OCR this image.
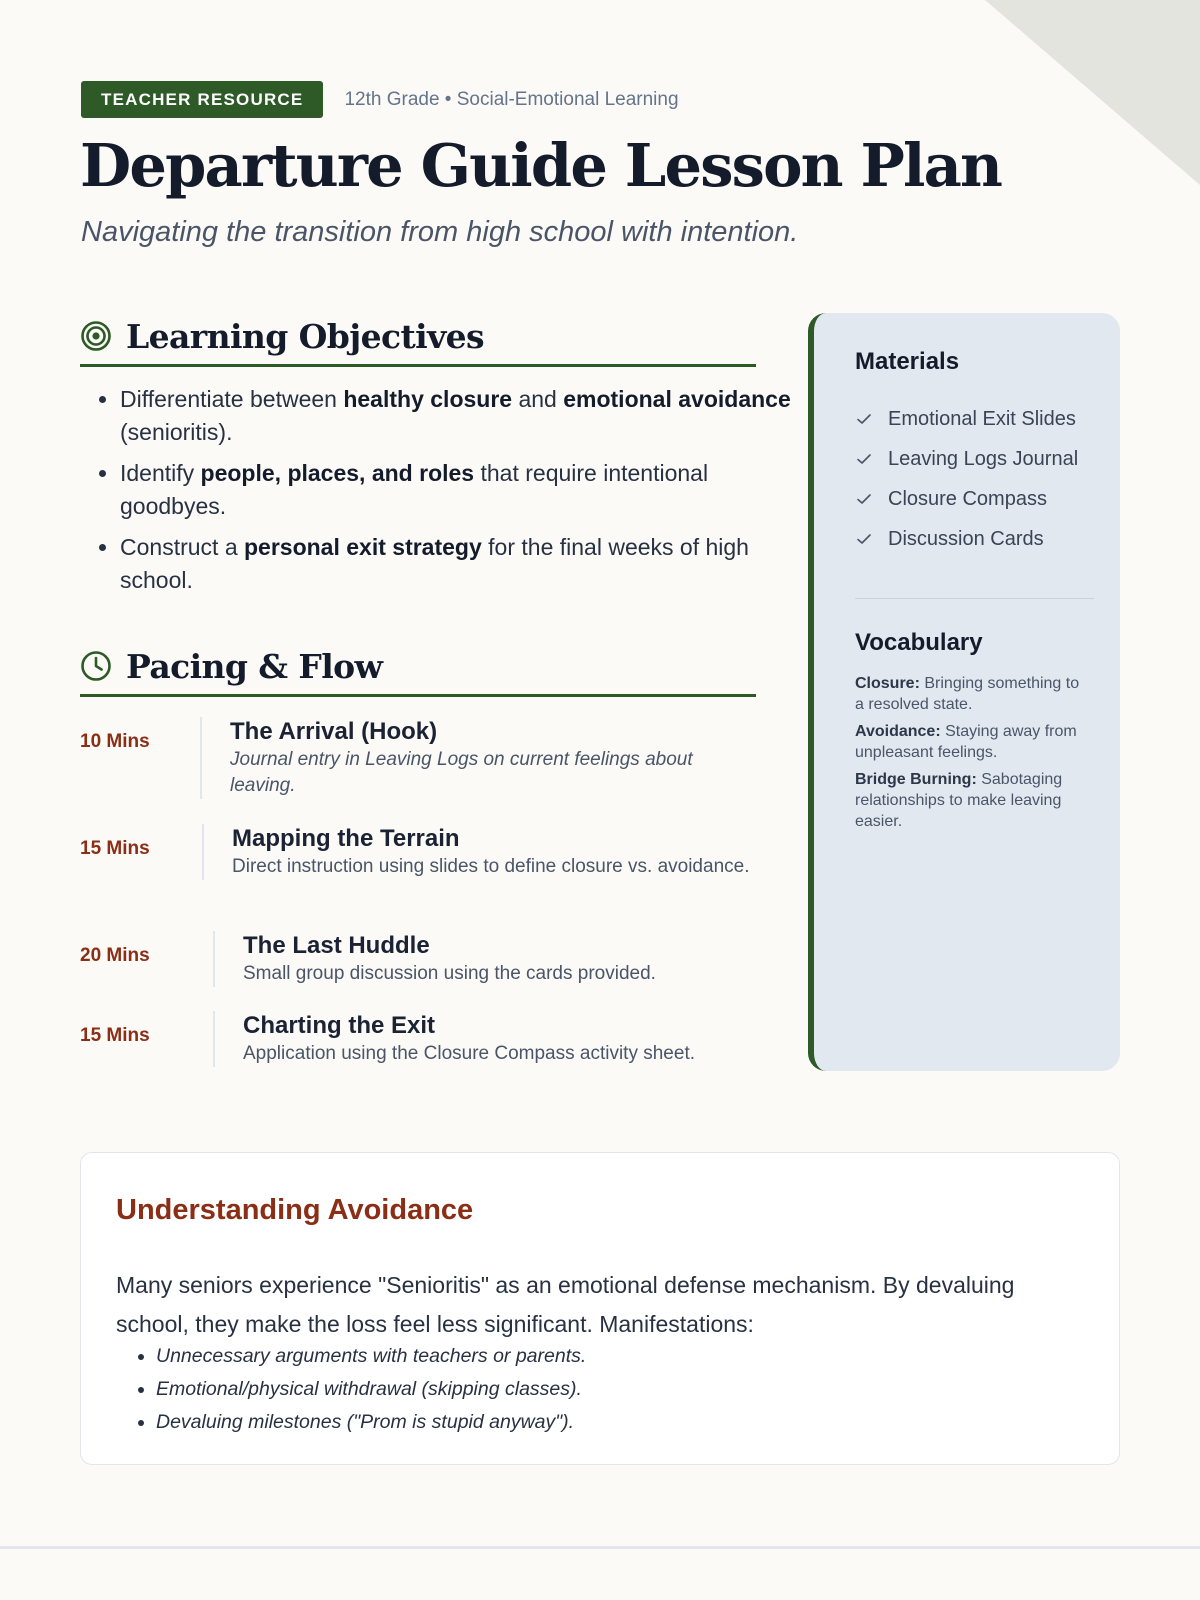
TEACHER RESOURCE	12th Grade • Social-Emotional Learning
Departure Guide Lesson Plan

Navigating the transition from high school with intention.

Learning Objectives
• Differentiate between healthy closure and emotional avoidance (senioritis).
• Identify people, places, and roles that require intentional goodbyes.
• Construct a personal exit strategy for the final weeks of high school.
Pacing & Flow
10 Mins	The Arrival (Hook)
Journal entry in Leaving Logs on current feelings about leaving.
15 Mins	Mapping the Terrain
Direct instruction using slides to define closure vs. avoidance.
20 Mins	The Last Huddle
Small group discussion using the cards provided.
15 Mins	Charting the Exit
Application using the Closure Compass activity sheet.
Materials
Emotional Exit Slides
Leaving Logs Journal
Closure Compass
Discussion Cards
Vocabulary

Closure: Bringing something to a resolved state.

Avoidance: Staying away from unpleasant feelings.

Bridge Burning: Sabotaging relationships to make leaving easier.

Understanding Avoidance
Many seniors experience "Senioritis" as an emotional defense mechanism. By devaluing school, they make the loss feel less significant. Manifestations:
• Unnecessary arguments with teachers or parents.
• Emotional/physical withdrawal (skipping classes).
• Devaluing milestones ("Prom is stupid anyway").
